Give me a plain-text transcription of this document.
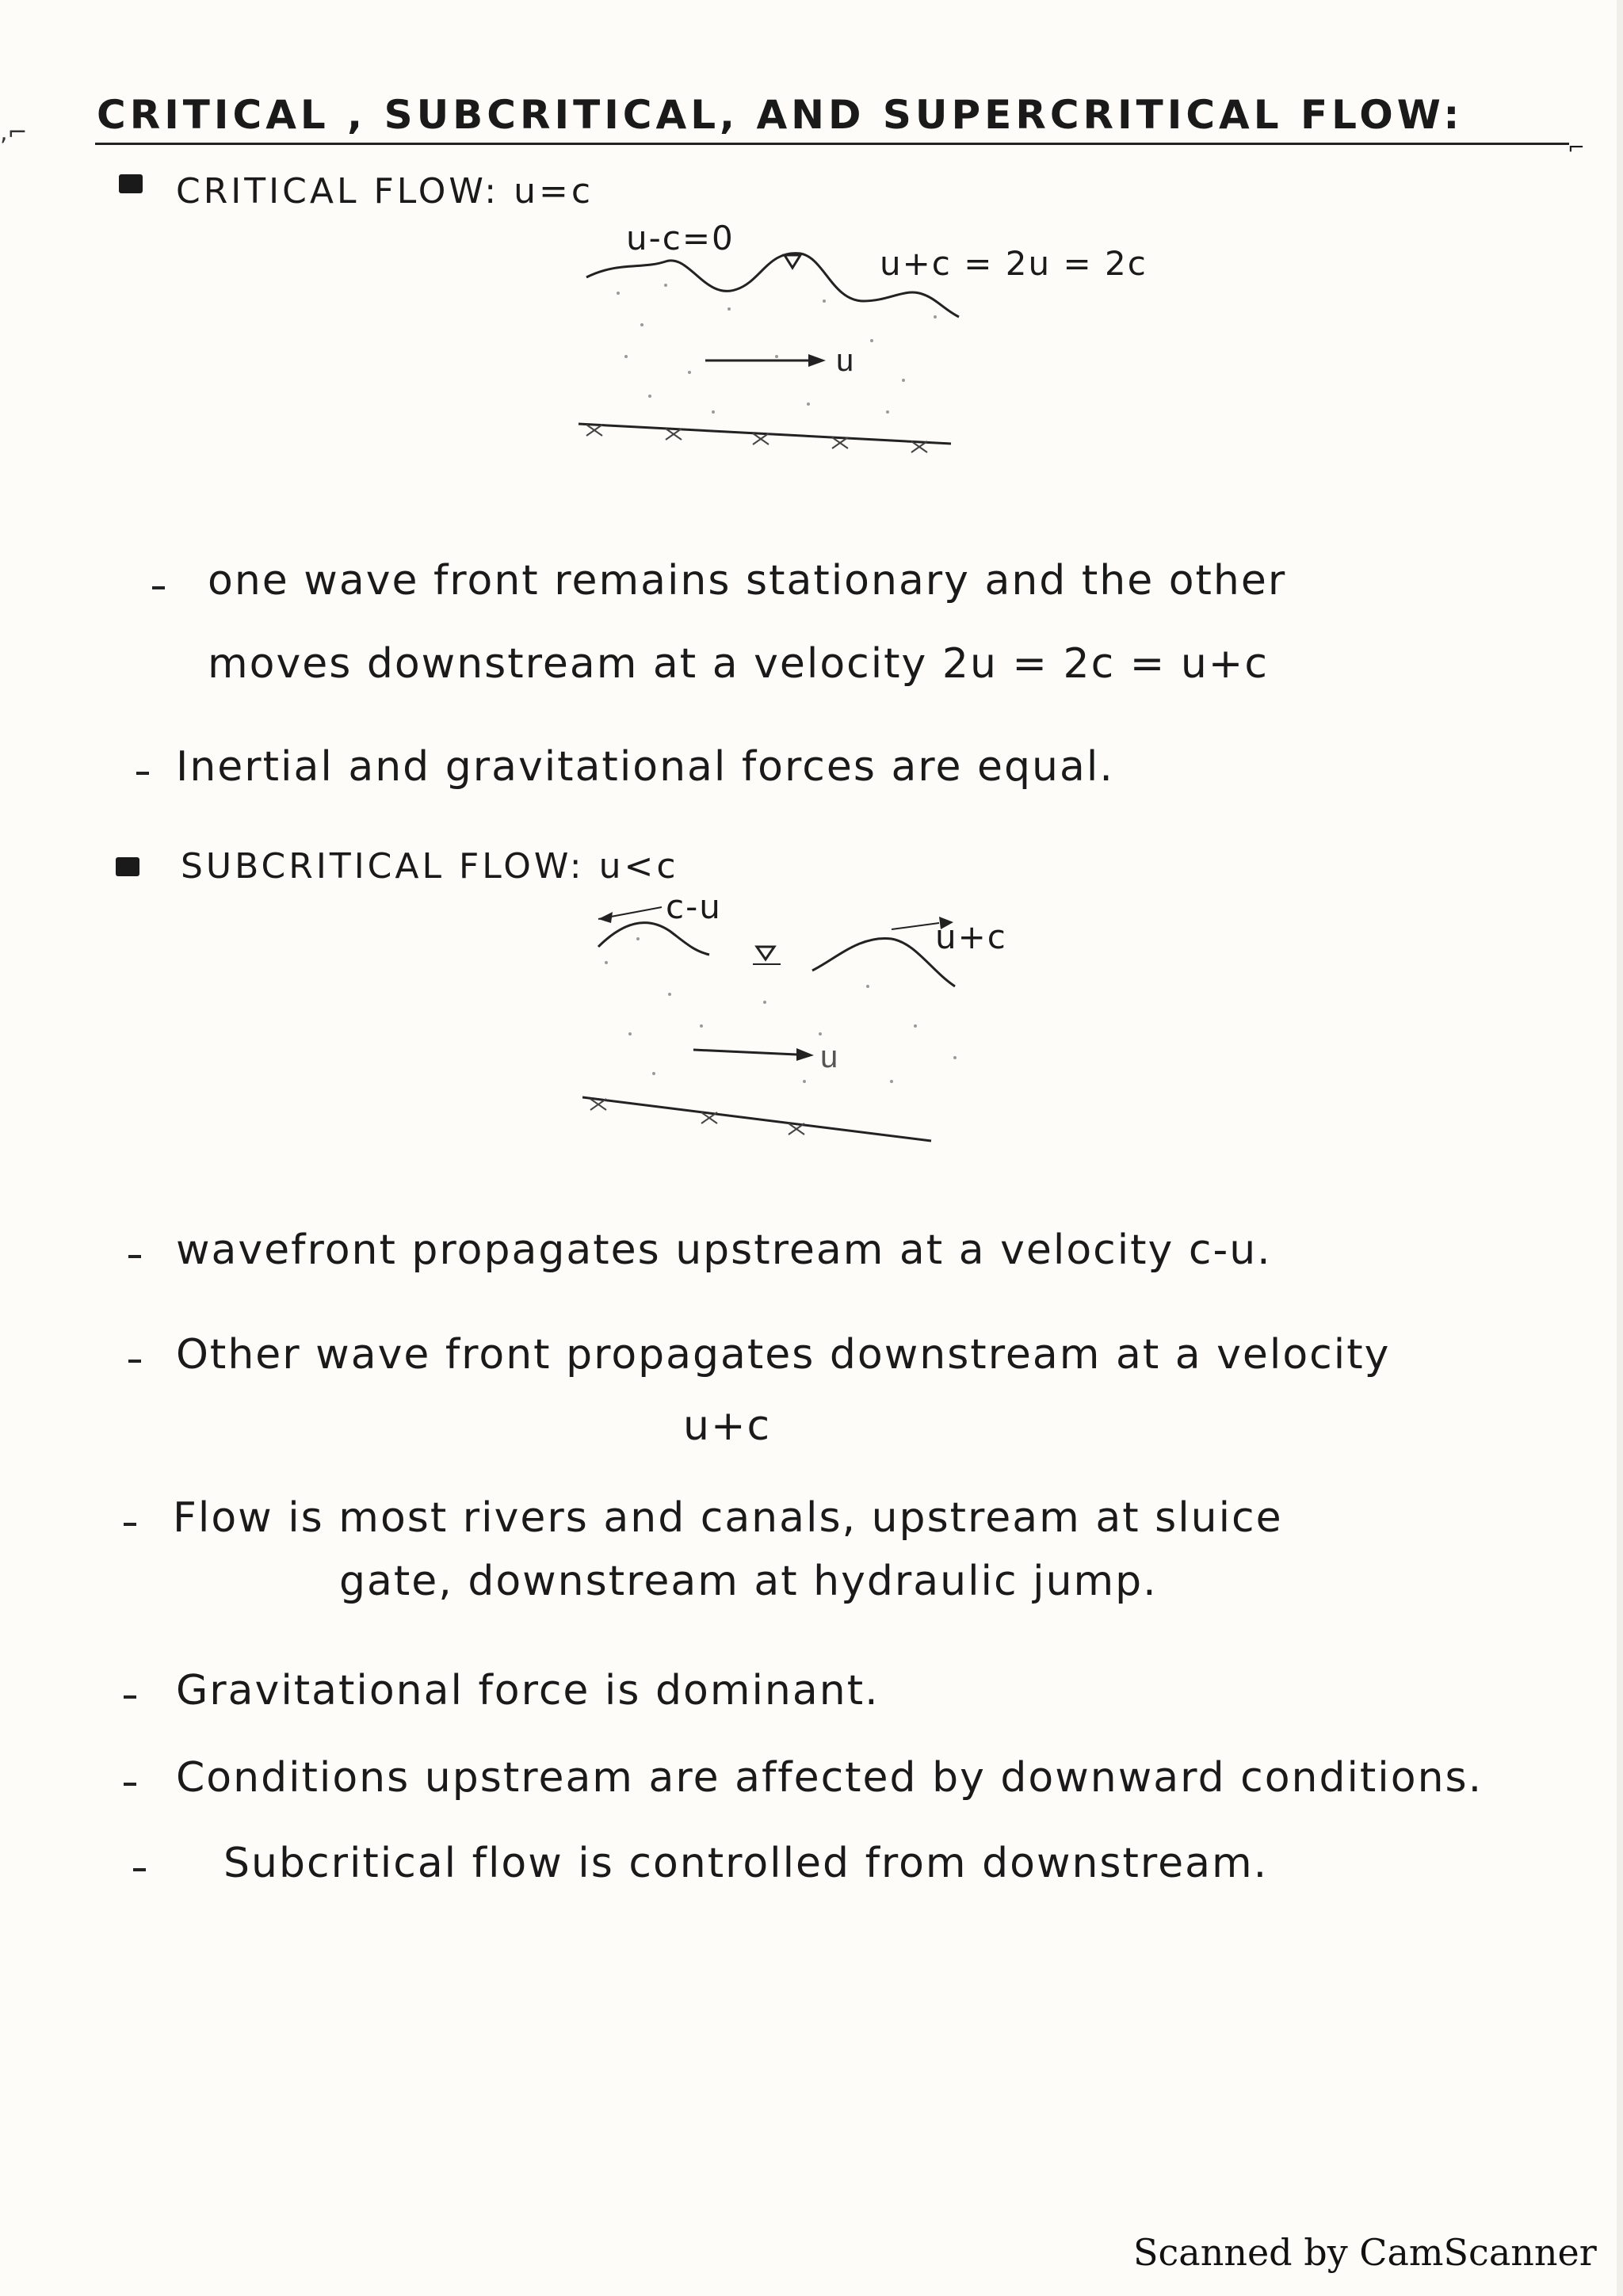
,⌐ CRITICAL , SUBCRITICAL, AND SUPERCRITICAL FLOW:
⌐
CRITICAL FLOW: u=c
u
u-c=0
u+c = 2u = 2c
one wave front remains stationary and the other
moves downstream at a velocity 2u = 2c = u+c
Inertial and gravitational forces are equal.
SUBCRITICAL FLOW: u<c
u
c-u
u+c
wavefront propagates upstream at a velocity c-u.
Other wave front propagates downstream at a velocity
u+c
Flow is most rivers and canals, upstream at sluice
gate, downstream at hydraulic jump.
Gravitational force is dominant.
Conditions upstream are affected by downward conditions.
Subcritical flow is controlled from downstream.
Scanned by CamScanner
